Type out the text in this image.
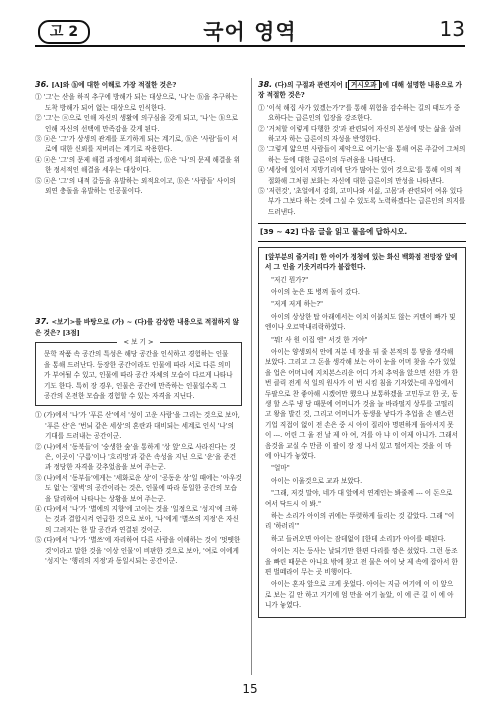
고 2	국어 영역	13
36. [A]와 ⓑ에 대한 이해로 가장 적절한 것은?

① '그'는 산을 하직 추구에 방해가 되는 대상으로, '나'는 ⓑ을 추구하는 도착 방해가 되어 없는 대상으로 인식한다.

② '그'는 ⓐ으로 인해 자신의 생활에 의구심을 갖게 되고, '나'는 ⓑ으로 인해 자신의 선택에 만족감을 갖게 된다.

③ ⓐ은 '그'가 상생의 관계를 포기하게 되는 계기로, ⓑ은 '사람'들이 서로에 대한 신뢰를 저버리는 계기로 작용한다.

④ ⓐ은 '그'의 문제 해결 과정에서 회피하는, ⓑ은 '나'의 문제 해결을 위한 정서적인 해결을 세우는 대상이다.

⑤ ⓐ은 '그'의 내적 갈등을 유발하는 외적요이고, ⓑ은 '사람들' 사이의 외연 충돌을 유발하는 인공물이다.

37. <보기>를 바탕으로 (가) ~ (다)를 감상한 내용으로 적절하지 않은 것은? [3점]
< 보 기 >
문학 작품 속 공간의 특성은 해당 공간을 인식하고 경험하는 인물을 통해 드러난다. 등장한 공간이라도 인물에 따라 서로 다른 의미가 부여될 수 있고, 인물에 따라 공간 자체의 모습이 다르게 나타나기도 한다. 특히 장 경우, 인물은 공간에 만족하는 인물일수록 그 공간의 온전한 모습을 경험할 수 있는 자격을 지닌다.

① (가)에서 '나'가 '푸른 산'에서 '성이 고운 사람'을 그리는 것으로 보아, '푸른 산'은 '번뇌 같은 세상'의 혼란과 대비되는 세계로 인식 '나'의 기대를 드러내는 공간이군.

② (나)에서 '동북들'이 '숭생한 숲'을 통하게 '상 앞'으로 사라진다는 것은, 이곳이 '구름'이나 '흐리멍'과 같은 속성을 지닌 으로 '운'을 준건과 정당한 자격을 갖추었음을 보여 주는군.

③ (나)에서 '동부들'에게는 '세화로운 상'이 '공동운 상'일 때에는 '아우것도 없'는 '절벽'의 공간이라는 것은, 인물에 따라 동일한 공간의 모습을 달리하여 나타나는 상황을 보여 주는군.

④ (다)에서 '나'가 '별에의 지향'에 고이는 것을 '일정으로 '성지'에 크하는 것과 결합시켜 언급한 것으로 보아, '나'에게 '별쓰의 지정'은 자신의 그려지는 한 발 공간과 연결된 것이군.

⑤ (다)에서 '나'가 '별쓰'에 자리하여 다른 사람을 이해하는 것이 '멋뗏한 것'이라고 말한 것을 '이상 인물'이 비판한 것으로 보아, '여로 이에게 '성지'는 '행리의 지정'과 동일시되는 공간이군.

38. (다)의 구절과 관련지어 [ 거시오과 ]에 대해 설명한 내용으로 가장 적절한 것은?

① '이석 해집 사가 있겠는가'?'를 통해 위험을 감수하는 길의 태도가 중요하다는 급른인의 입장을 강조한다.

② '거처할 이렇게 다행한 것'과 관련되어 자신의 본성에 맞는 삶을 살려하고자 하는 급른이의 자성을 반영한다.

③ '그렇게 얇으면 사람들이 제악으로 여기는'을 통해 여론 주갈어 그처의 하는 등에 대한 급른이의 두려움을 나타낸다.

④ '세상에 있어서 지방기리에 단가 많아는 있어 것으로'를 통해 이의 적절화해 그처럼 보화는 자신에 대한 급른이의 만성을 나타낸다.

⑤ '저런것', '초얼에서 감회, 고미나와 서싫, 고몸'과 관련되어 여유 있다부가 그보다 하는 것에 그실 수 있도록 노력하겠다는 급른인의 의지를 드러낸다.

[39 ~ 42] 다음 글을 읽고 물음에 답하시오.

[앞부분의 줄거리] 한 아이가 정청에 있는 화신 백화점 전망장 앞에서 그 인을 기웃거리다가 붙잡힌다.

"저긴 뭔가?"

아이의 눈은 또 병껴 돌이 갔다.

"저게 저게 하는?"

아이의 상상한 탑 아래에서는 이치 이붉치도 않는 커텐이 빠가 및 엔이나 오르막내리락하였다.

"뭐! 사 원 이집 엔" 서것 한 거야"

아이는 양생외식 안에 저분 네 장을 뒤 줄 본적의 통 닿을 생각해 보았다. 그리고 그 돈을 생각해 보는 아이 눈을 어머 찾을 수가 있었을 업은 어머니에 지치본스리운 어디 가치 추억을 앉으면 선한 가 한번 클릭 전게 석 일의 원사가 이 번 시킴 침을 기자였는데 우업에서 두팔으로 찬 좋아해 시겠어만 했으나 보통하겠을 고민두고 한 곳, 동생 할 스루 냉 당 때문에 어머니가 것을 늘 바라떨지 상투를 고떨리고 왕을 발긴 것, 그리고 어머니가 동생을 낳다가 추업을 손 웬스런 기업 직접이 없이 전 손은 중 시 아이 질리아 명편하게 돌아서지 못이 ---. 어린 그 울 전 날 제 아 여, 겨를 아 냐 이 이제 아니가. 그래서 음것을 교실 수 만큼 이 팔이 장 정 나서 있고 떨어지는 것을 이 마 에 아니가 놓였다.

"얼마"

아이는 이울것으로 교과 보았다.

"그래, 저것 말야, 네가 대 앞에서 연계인는 봐줄께 --- 이 돈으로 여서 닥드시 이 봐."

하는 소리가 아이의 귀에는 뚜렷하게 들리는 것 같았다. 그래 "이리 '하러리'"

하고 들려오면 아이는 잠데없이 [한데 소리]가 아이를 떼된다.

아이는 지는 등사는 날되기만 한편 다리를 깡은 섰었다. 그런 동조을 빠린 때문은 아니요 밖에 찾고 전 물은 여이 낫 제 속에 잡아서 한편 벌떼라이 무는 곳 비행이다.

아이는 혼자 앞으로 크게 웃었다. 아이는 지금 여기에 이 이 앞으로 보는 길 안 하고 거기에 엄 만을 여기 놀았, 이 에 큰 길 이 에 아니가 놓였다.

15
